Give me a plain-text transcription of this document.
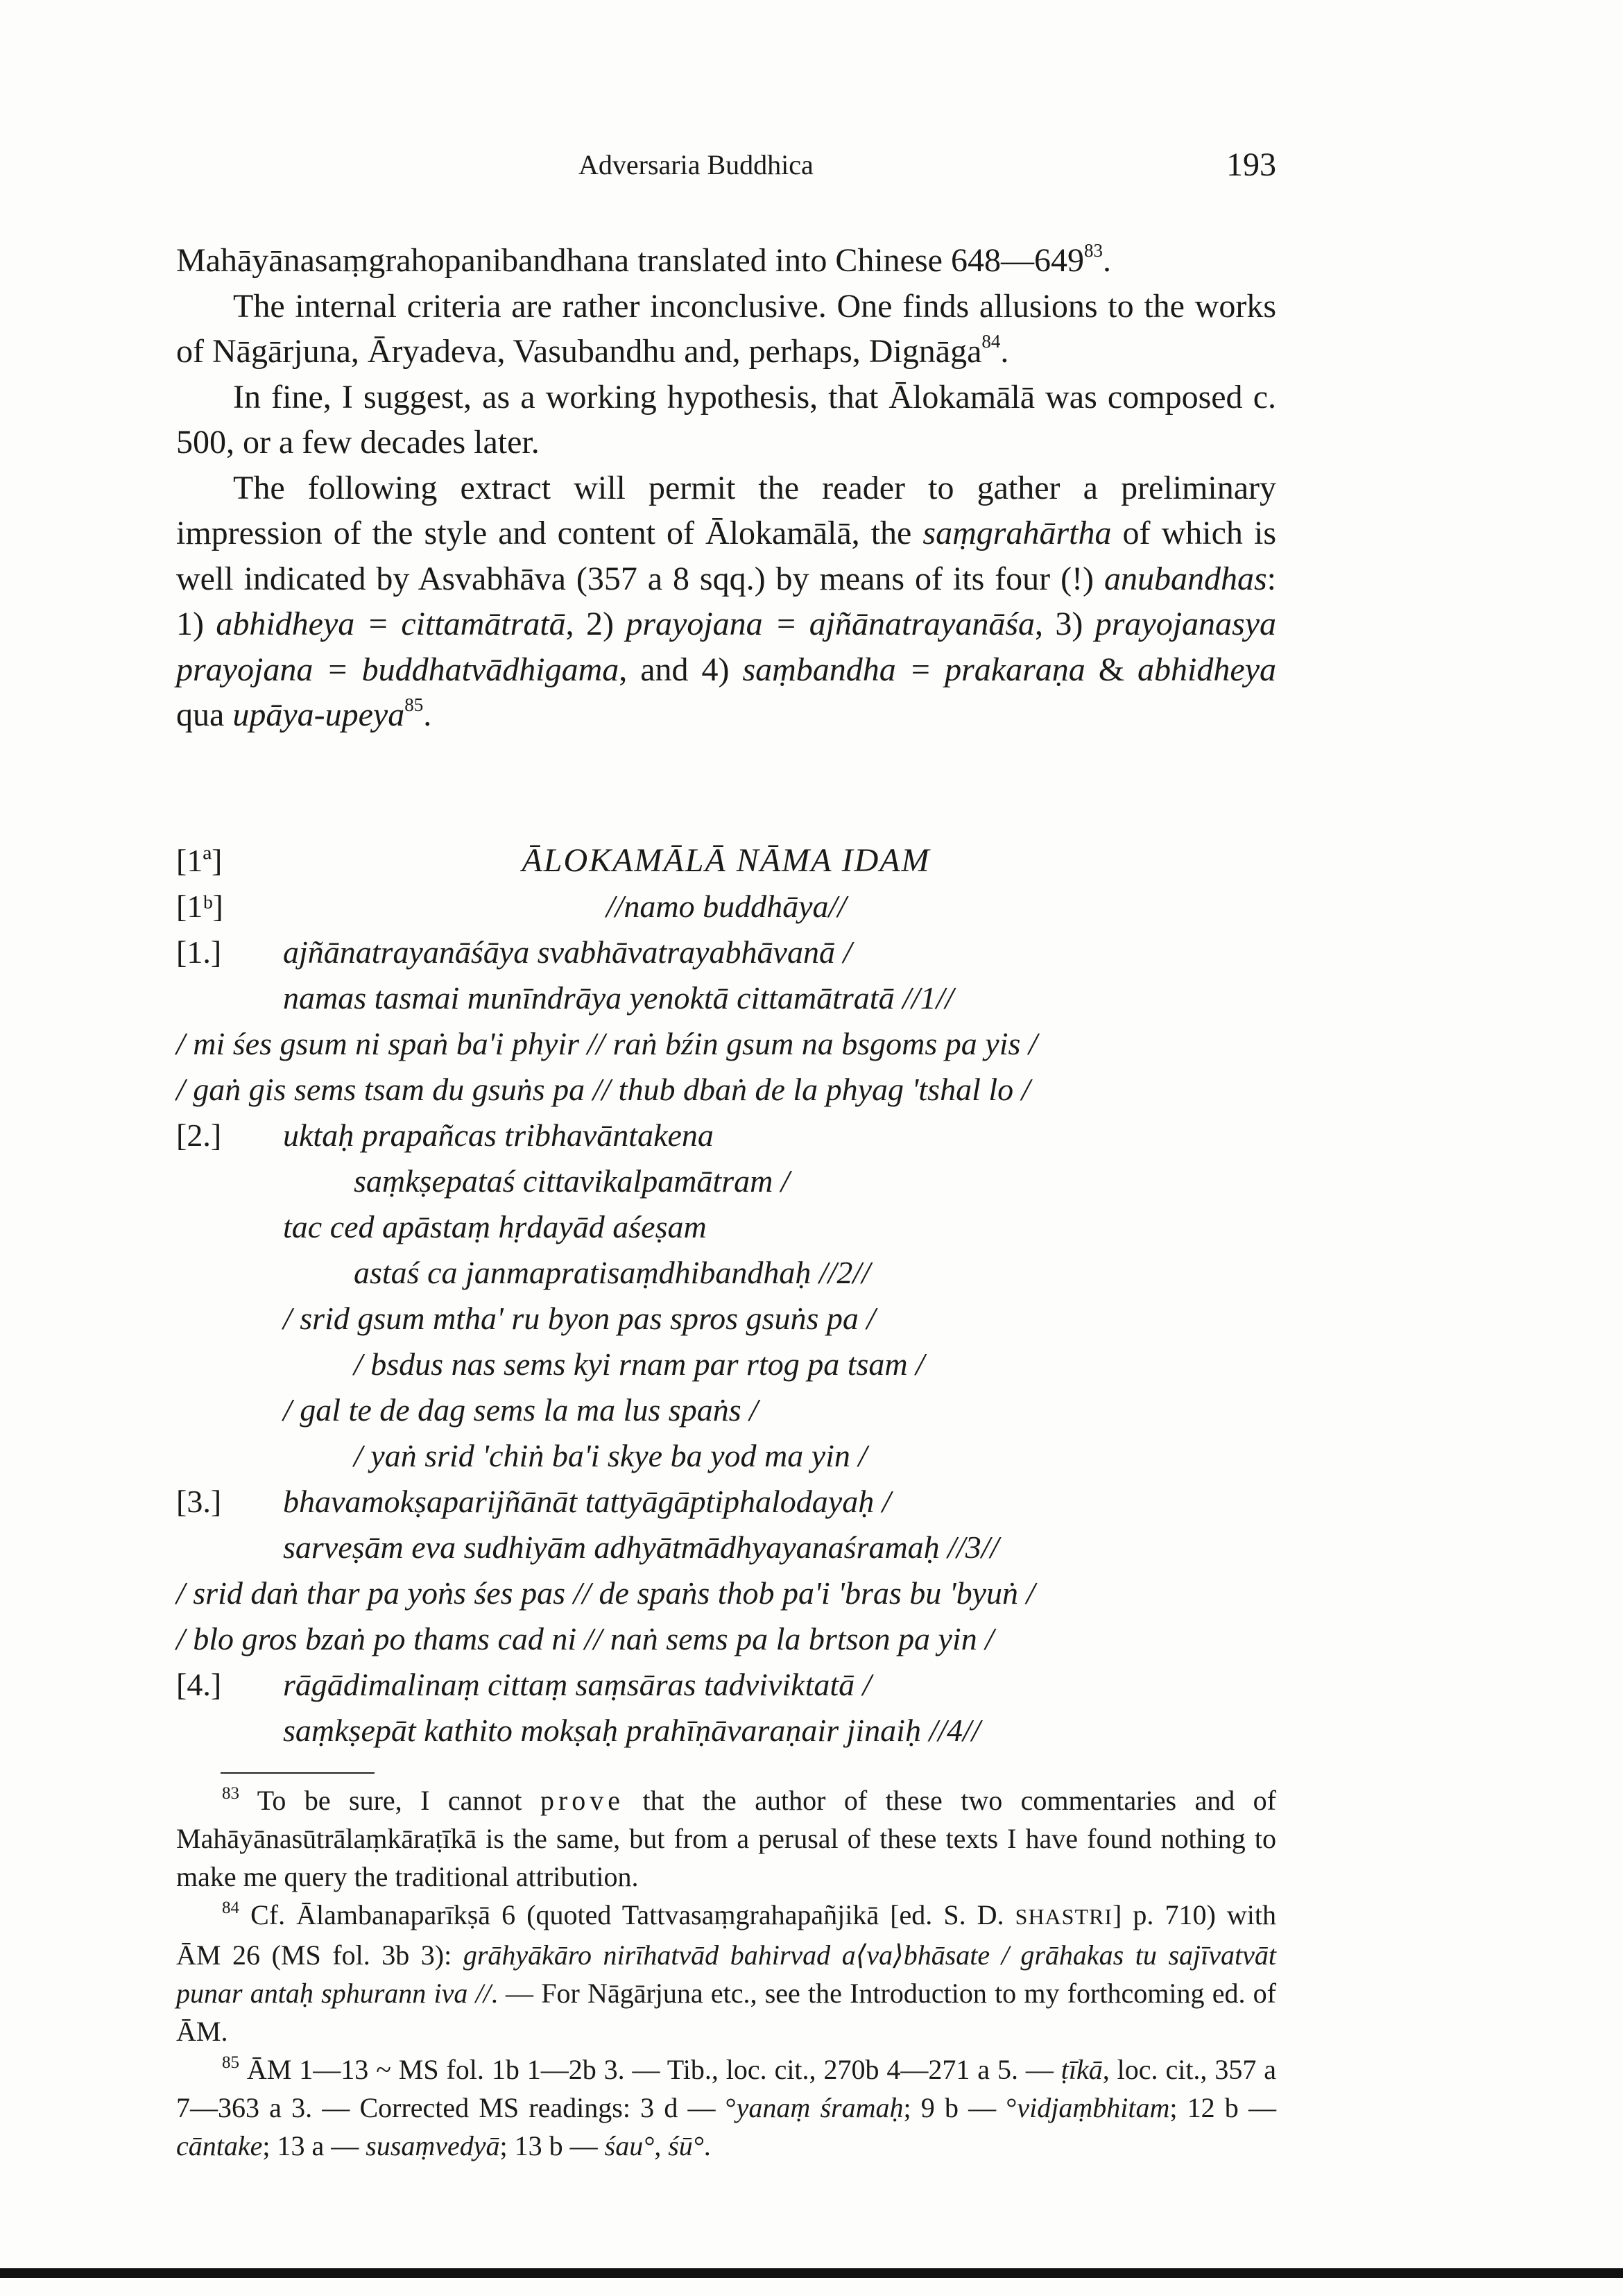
Adversaria Buddhica	193

Mahāyānasaṃgrahopanibandhana translated into Chinese $648—649^{83}$.

The internal criteria are rather inconclusive. One finds allusions to the works of Nāgārjuna, Āryadeva, Vasubandhu and, perhaps, Dignāga$^{84}$.

In fine, I suggest, as a working hypothesis, that Ālokamālā was composed c. 500, or a few decades later.

The following extract will permit the reader to gather a preliminary impression of the style and content of Ālokamālā, the saṃgrahārtha of which is well indicated by Asvabhāva (357 a 8 sqq.) by means of its four (!) anubandhas: 1) abhidheya = cittamātratā, 2) prayojana = ajñānatrayanāśa, 3) prayojanasya prayojana = buddhatvādhigama, and 4) saṃbandha = prakaraṇa & abhidheya qua upāya-upeya$^{85}$.

[1ª]	ĀLOKAMĀLĀ NĀMA IDAM
[1ᵇ]	//namo buddhāya//
[1.] ajñānatrayanāśāya svabhāvatrayabhāvanā /
namas tasmai munīndrāya yenoktā cittamātratā //1//
/ mi śes gsum ni spaṅ ba'i phyir // raṅ bźin gsum na bsgoms pa yis /
/ gaṅ gis sems tsam du gsuṅs pa // thub dbaṅ de la phyag 'tshal lo /
[2.] uktaḥ prapañcas tribhavāntakena
saṃkṣepataś cittavikalpamātram /
tac ced apāstaṃ hṛdayād aśeṣam
astaś ca janmapratisaṃdhibandhaḥ //2//
/ srid gsum mtha' ru byon pas spros gsuṅs pa /
/ bsdus nas sems kyi rnam par rtog pa tsam /
/ gal te de dag sems la ma lus spaṅs /
/ yaṅ srid 'chiṅ ba'i skye ba yod ma yin /
[3.] bhavamokṣaparijñānāt tattyāgāptiphalodayaḥ /
sarveṣām eva sudhiyām adhyātmādhyayanaśramaḥ //3//
/ srid daṅ thar pa yoṅs śes pas // de spaṅs thob pa'i 'bras bu 'byuṅ /
/ blo gros bzaṅ po thams cad ni // naṅ sems pa la brtson pa yin /
[4.] rāgādimalinaṃ cittaṃ saṃsāras tadviviktatā /
saṃkṣepāt kathito mokṣaḥ prahīṇāvaraṇair jinaiḥ //4//

$^{83}$ To be sure, I cannot prove that the author of these two commentaries and of Mahāyānasūtrālaṃkāraṭīkā is the same, but from a perusal of these texts I have found nothing to make me query the traditional attribution.

$^{84}$ Cf. Ālambanaparīkṣā 6 (quoted Tattvasaṃgrahapañjikā [ed. S. D. SHASTRI] p. 710) with ĀM 26 (MS fol. 3b 3): grāhyākāro nirīhatvād bahirvad a⟨va⟩bhāsate / grāhakas tu sajīvatvāt punar antaḥ sphurann iva //. — For Nāgārjuna etc., see the Introduction to my forthcoming ed. of ĀM.

$^{85}$ ĀM 1—13 ~ MS fol. 1b 1—2b 3. — Tib., loc. cit., 270b 4—271 a 5. — ṭīkā, loc. cit., 357 a 7—363 a 3. — Corrected MS readings: 3 d — °yanaṃ śramaḥ; 9 b — °vidjaṃbhitam; 12 b — cāntake; 13 a — susaṃvedyā; 13 b — śau°, śū°.
